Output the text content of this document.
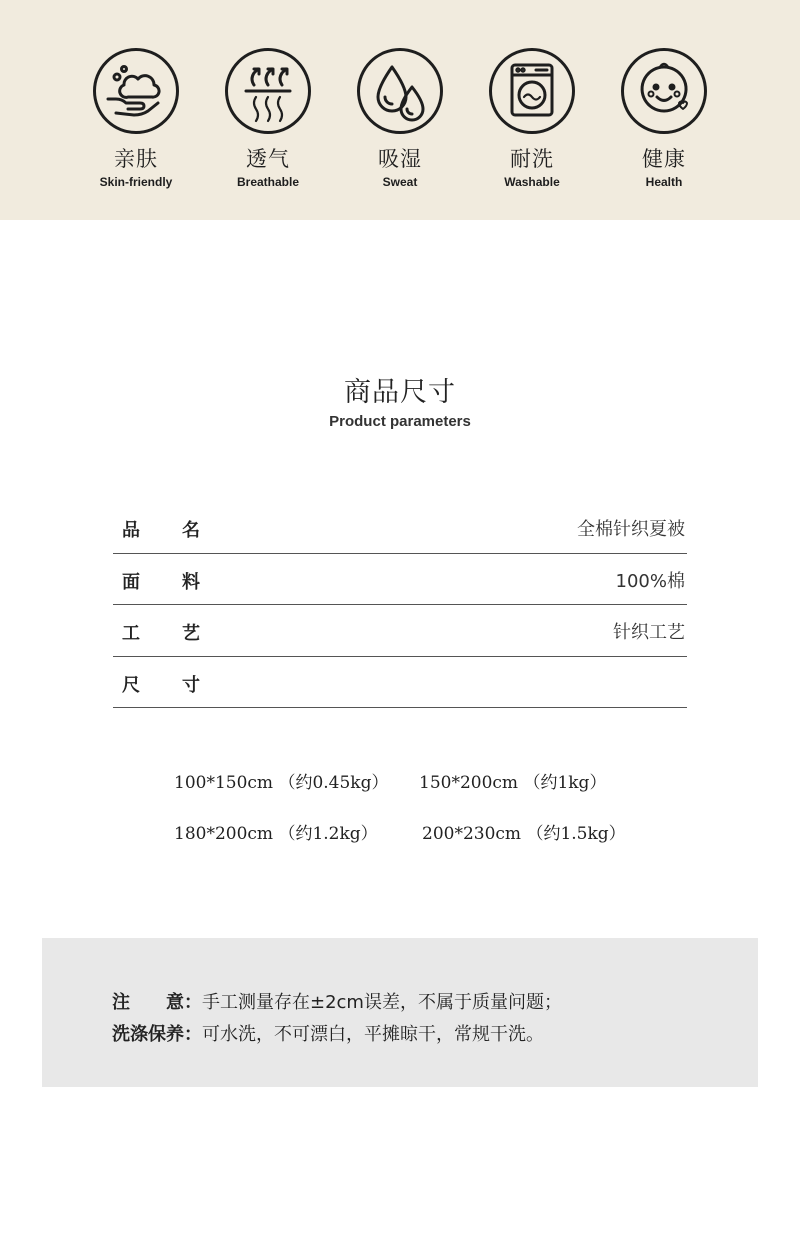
亲肤
Skin-friendly
透气
Breathable
吸湿
Sweat
耐洗
Washable
健康
Health
商品尺寸
Product parameters
品 名	全棉针织夏被
面 料	100%棉
工 艺	针织工艺
尺 寸
100*150cm （约0.45kg） 150*200cm （约1kg）
180*200cm （约1.2kg）	200*230cm （约1.5kg）
注　　意：手工测量存在±2cm误差，不属于质量问题；
洗涤保养：可水洗，不可漂白，平摊晾干，常规干洗。
